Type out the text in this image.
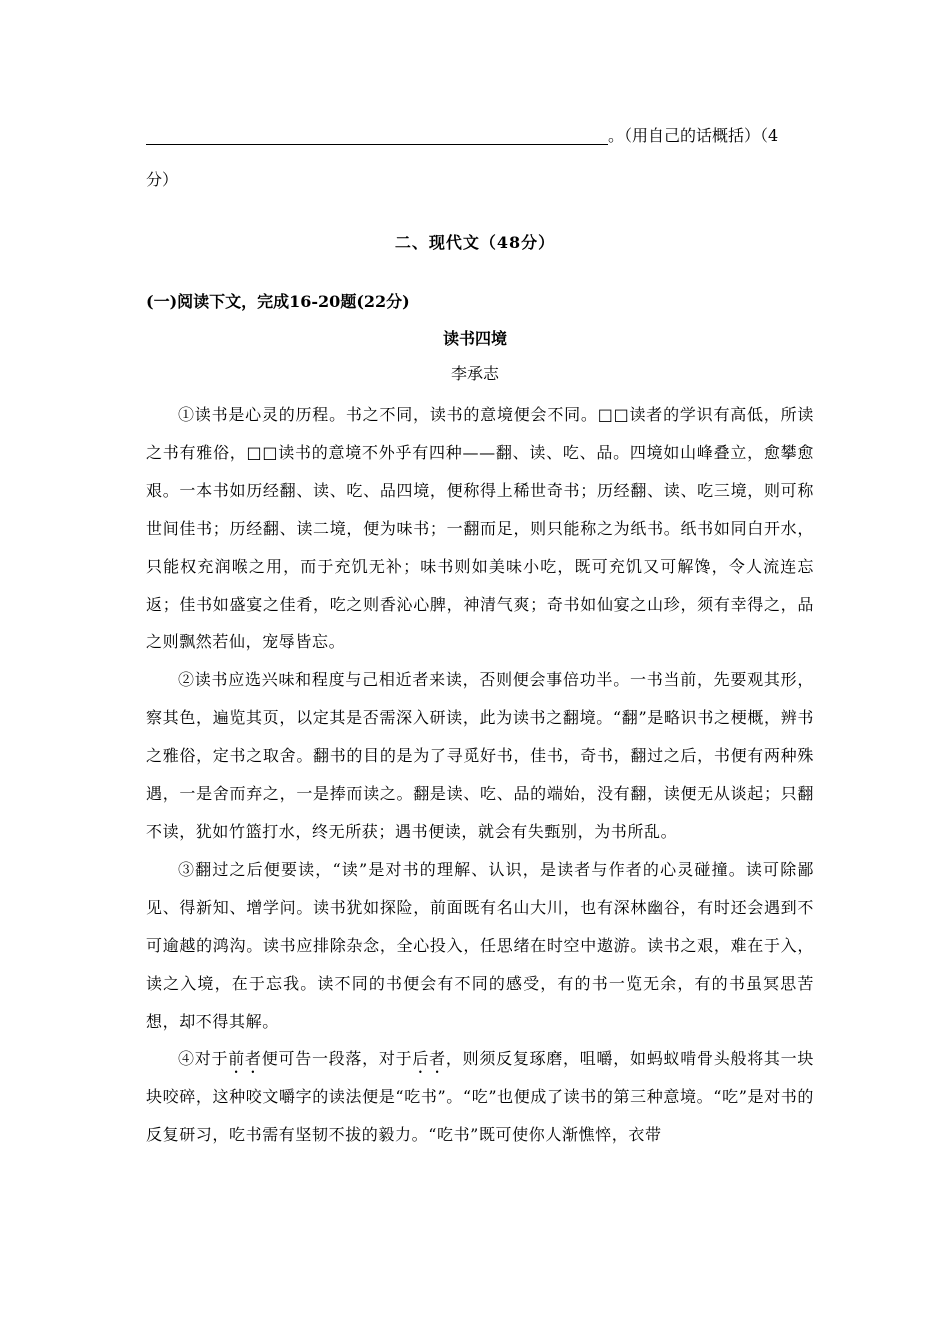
。（用自己的话概括）（4
分）
二、现代文（48分）
(一)阅读下文，完成16-20题(22分)
读书四境
李承志

①读书是心灵的历程。书之不同，读书的意境便会不同。□□读者的学识有高低，所读之书有雅俗，□□读书的意境不外乎有四种——翻、读、吃、品。四境如山峰叠立，愈攀愈艰。一本书如历经翻、读、吃、品四境，便称得上稀世奇书；历经翻、读、吃三境，则可称世间佳书；历经翻、读二境，便为味书；一翻而足，则只能称之为纸书。纸书如同白开水，只能权充润喉之用，而于充饥无补；味书则如美味小吃，既可充饥又可解馋，令人流连忘返；佳书如盛宴之佳肴，吃之则香沁心脾，神清气爽；奇书如仙宴之山珍，须有幸得之，品之则飘然若仙，宠辱皆忘。

②读书应选兴味和程度与己相近者来读，否则便会事倍功半。一书当前，先要观其形，察其色，遍览其页，以定其是否需深入研读，此为读书之翻境。“翻”是略识书之梗概，辨书之雅俗，定书之取舍。翻书的目的是为了寻觅好书，佳书，奇书，翻过之后，书便有两种殊遇，一是舍而弃之，一是捧而读之。翻是读、吃、品的端始，没有翻，读便无从谈起；只翻不读，犹如竹篮打水，终无所获；遇书便读，就会有失甄别，为书所乱。

③翻过之后便要读，“读”是对书的理解、认识，是读者与作者的心灵碰撞。读可除鄙见、得新知、增学问。读书犹如探险，前面既有名山大川，也有深林幽谷，有时还会遇到不可逾越的鸿沟。读书应排除杂念，全心投入，任思绪在时空中遨游。读书之艰，难在于入，读之入境，在于忘我。读不同的书便会有不同的感受，有的书一览无余，有的书虽冥思苦想，却不得其解。

④对于前者便可告一段落，对于后者，则须反复琢磨，咀嚼，如蚂蚁啃骨头般将其一块块咬碎，这种咬文嚼字的读法便是“吃书”。“吃”也便成了读书的第三种意境。“吃”是对书的反复研习，吃书需有坚韧不拔的毅力。“吃书”既可使你人渐憔悴，衣带
